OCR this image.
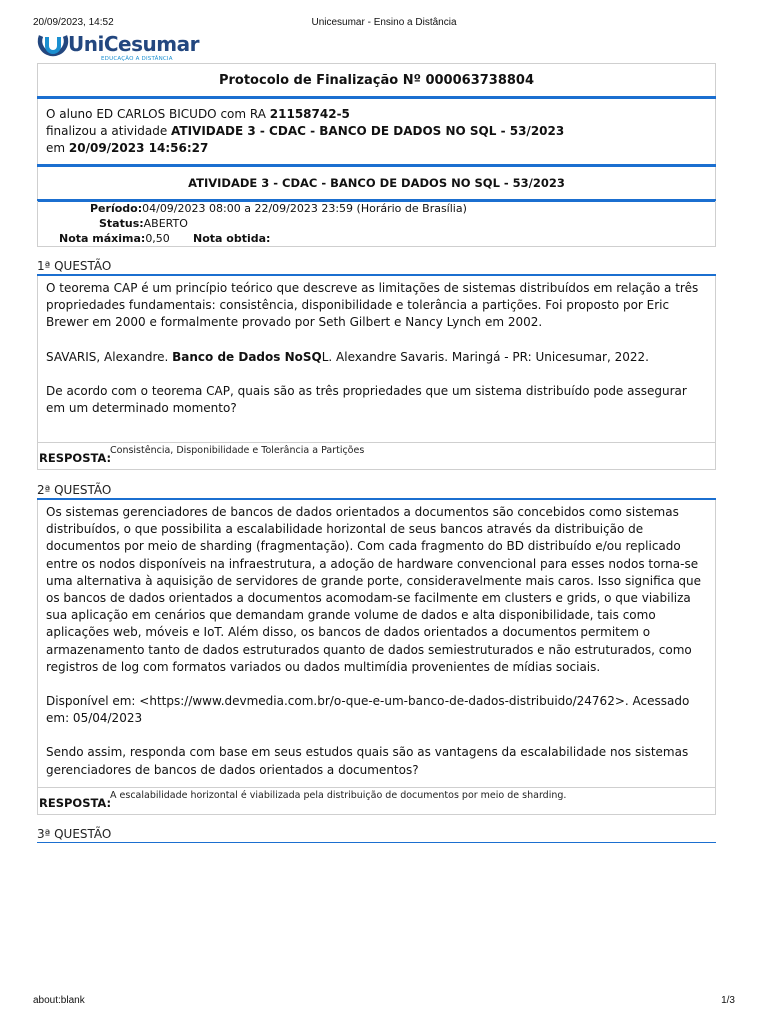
20/09/2023, 14:52	Unicesumar - Ensino a Distância
UniCesumar
EDUCAÇÃO A DISTÂNCIA
Protocolo de Finalização Nº 000063738804
O aluno ED CARLOS BICUDO com RA 21158742-5
finalizou a atividade ATIVIDADE 3 - CDAC - BANCO DE DADOS NO SQL - 53/2023
em 20/09/2023 14:56:27
ATIVIDADE 3 - CDAC - BANCO DE DADOS NO SQL - 53/2023
Período:04/09/2023 08:00 a 22/09/2023 23:59 (Horário de Brasília)
Status:ABERTO
Nota máxima:0,50 Nota obtida:
1ª QUESTÃO

O teorema CAP é um princípio teórico que descreve as limitações de sistemas distribuídos em relação a três propriedades fundamentais: consistência, disponibilidade e tolerância a partições. Foi proposto por Eric Brewer em 2000 e formalmente provado por Seth Gilbert e Nancy Lynch em 2002.

SAVARIS, Alexandre. Banco de Dados NoSQL. Alexandre Savaris. Maringá - PR: Unicesumar, 2022.

De acordo com o teorema CAP, quais são as três propriedades que um sistema distribuído pode assegurar em um determinado momento?

RESPOSTA:
Consistência, Disponibilidade e Tolerância a Partições
2ª QUESTÃO

Os sistemas gerenciadores de bancos de dados orientados a documentos são concebidos como sistemas distribuídos, o que possibilita a escalabilidade horizontal de seus bancos através da distribuição de documentos por meio de sharding (fragmentação). Com cada fragmento do BD distribuído e/ou replicado entre os nodos disponíveis na infraestrutura, a adoção de hardware convencional para esses nodos torna-se uma alternativa à aquisição de servidores de grande porte, consideravelmente mais caros. Isso significa que os bancos de dados orientados a documentos acomodam-se facilmente em clusters e grids, o que viabiliza sua aplicação em cenários que demandam grande volume de dados e alta disponibilidade, tais como aplicações web, móveis e IoT. Além disso, os bancos de dados orientados a documentos permitem o armazenamento tanto de dados estruturados quanto de dados semiestruturados e não estruturados, como registros de log com formatos variados ou dados multimídia provenientes de mídias sociais.

Disponível em: <https://www.devmedia.com.br/o-que-e-um-banco-de-dados-distribuido/24762>. Acessado em: 05/04/2023

Sendo assim, responda com base em seus estudos quais são as vantagens da escalabilidade nos sistemas gerenciadores de bancos de dados orientados a documentos?

RESPOSTA:
A escalabilidade horizontal é viabilizada pela distribuição de documentos por meio de sharding.
3ª QUESTÃO
about:blank	1/3
